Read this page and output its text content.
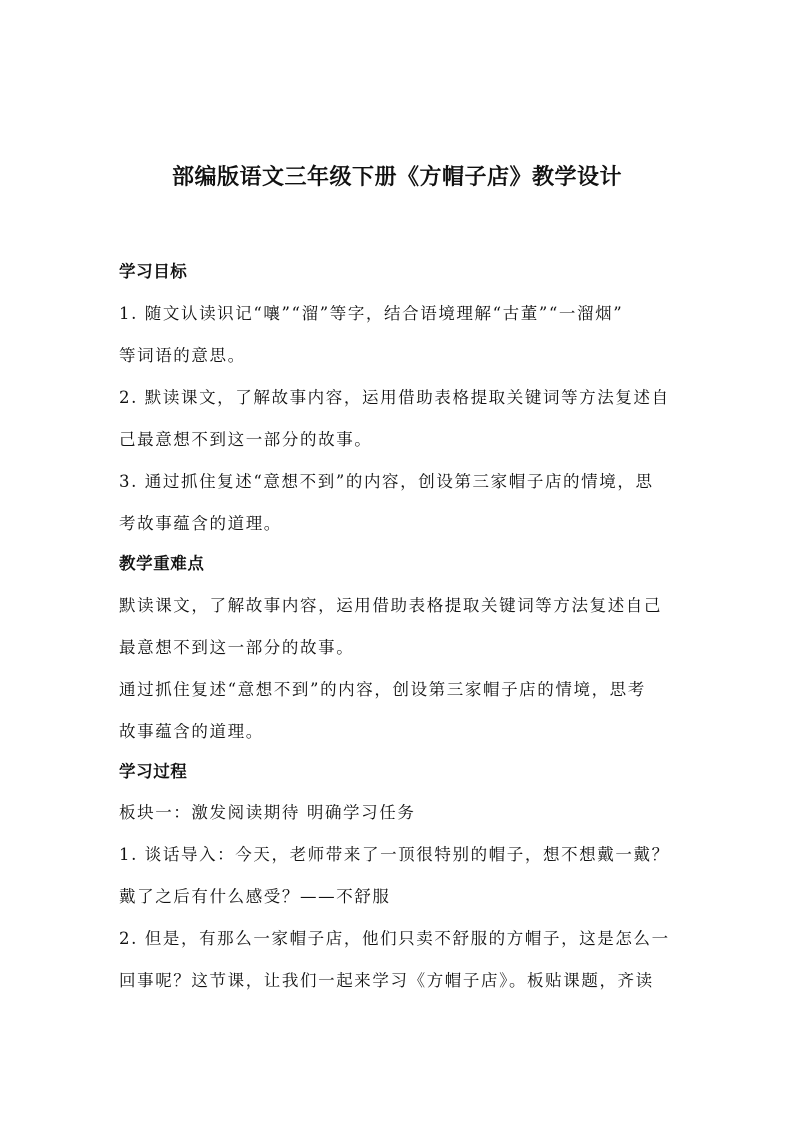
部编版语文三年级下册《方帽子店》教学设计
学习目标
1. 随文认读识记“嚷”“溜”等字，结合语境理解“古董”“一溜烟”
等词语的意思。
2. 默读课文，了解故事内容，运用借助表格提取关键词等方法复述自
己最意想不到这一部分的故事。
3. 通过抓住复述“意想不到”的内容，创设第三家帽子店的情境，思
考故事蕴含的道理。
教学重难点
默读课文，了解故事内容，运用借助表格提取关键词等方法复述自己
最意想不到这一部分的故事。
通过抓住复述“意想不到”的内容，创设第三家帽子店的情境，思考
故事蕴含的道理。
学习过程
板块一：激发阅读期待 明确学习任务
1. 谈话导入：今天，老师带来了一顶很特别的帽子，想不想戴一戴？
戴了之后有什么感受？——不舒服
2. 但是，有那么一家帽子店，他们只卖不舒服的方帽子，这是怎么一
回事呢？这节课，让我们一起来学习《方帽子店》。板贴课题，齐读
